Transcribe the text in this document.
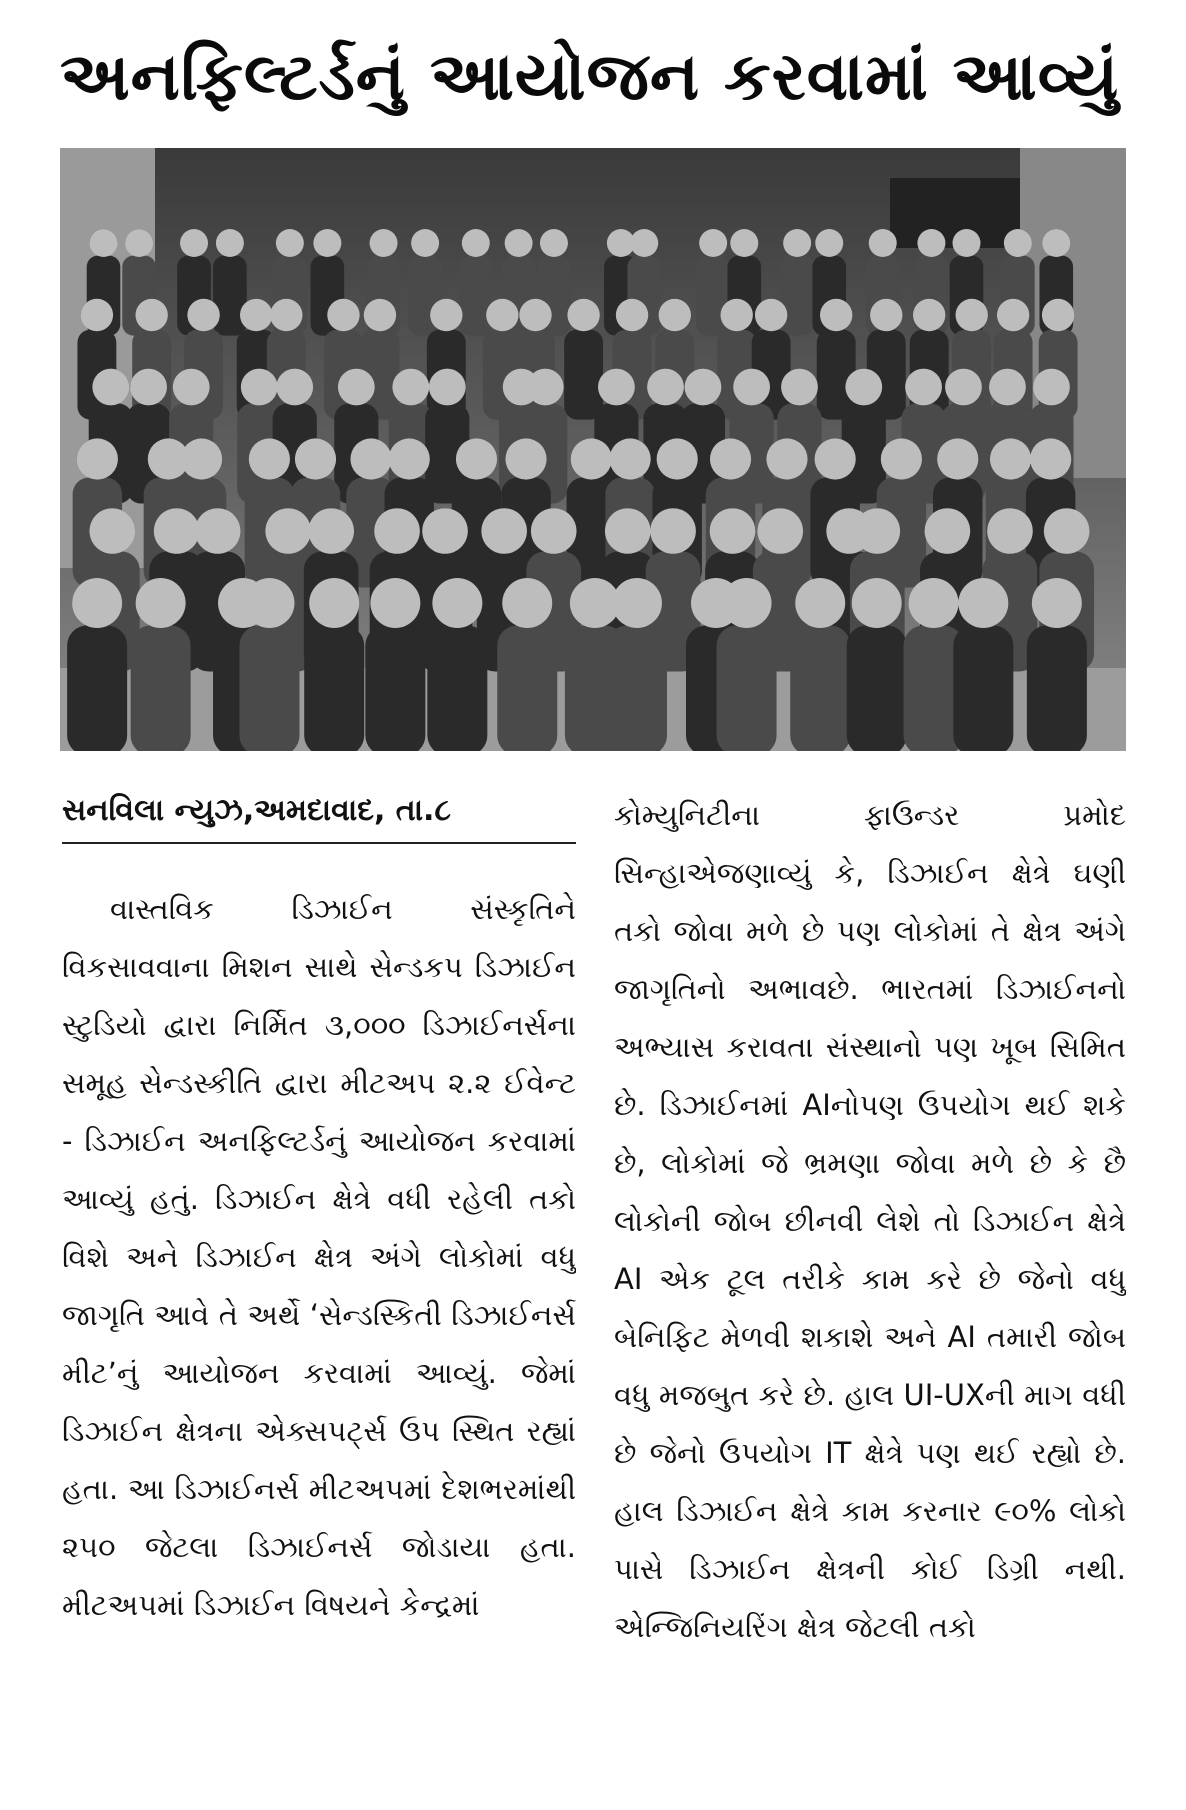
અનફિલ્ટર્ડનું આયોજન કરવામાં આવ્યું
સનવિલા ન્યુઝ,અમદાવાદ, તા.૮
વાસ્તવિક ડિઝાઈન સંસ્કૃતિને વિકસાવવાના મિશન સાથે સેન્ડકપ ડિઝાઈન સ્ટુડિયો દ્વારા નિર્મિત ૩,૦૦૦ ડિઝાઈનર્સના સમૂહ સેન્ડસ્કીતિ દ્વારા મીટઅપ ૨.૨ ઈવેન્ટ - ડિઝાઈન અનફિલ્ટર્ડનું આયોજન કરવામાં આવ્યું હતું. ડિઝાઈન ક્ષેત્રે વધી રહેલી તકો વિશે અને ડિઝાઈન ક્ષેત્ર અંગે લોકોમાં વધુ જાગૃતિ આવે તે અર્થે ‘સેન્ડસ્કિતી ડિઝાઈનર્સ મીટ’નું આયોજન કરવામાં આવ્યું. જેમાં ડિઝાઈન ક્ષેત્રના એક્સપર્ટ્સ ઉપ સ્થિત રહ્યાં હતા. આ ડિઝાઈનર્સ મીટઅપમાં દેશભરમાંથી ૨૫૦ જેટલા ડિઝાઈનર્સ જોડાયા હતા. મીટઅપમાં ડિઝાઈન વિષયને કેન્દ્રમાં
કોમ્યુનિટીના ફાઉન્ડર પ્રમોદ સિન્હાએજણાવ્યું કે, ડિઝાઈન ક્ષેત્રે ઘણી તકો જોવા મળે છે પણ લોકોમાં તે ક્ષેત્ર અંગે જાગૃતિનો અભાવછે. ભારતમાં ડિઝાઈનનો અભ્યાસ કરાવતા સંસ્થાનો પણ ખૂબ સિમિત છે. ડિઝાઈનમાં AIનોપણ ઉપયોગ થઈ શકે છે, લોકોમાં જે ભ્રમણા જોવા મળે છે કે છૈ લોકોની જોબ છીનવી લેશે તો ડિઝાઈન ક્ષેત્રે AI એક ટૂલ તરીકે કામ કરે છે જેનો વધુ બેનિફિટ મેળવી શકાશે અને AI તમારી જોબ વધુ મજબુત કરે છે. હાલ UI-UXની માગ વધી છે જેનો ઉપયોગ IT ક્ષેત્રે પણ થઈ રહ્યો છે. હાલ ડિઝાઈન ક્ષેત્રે કામ કરનાર ૯૦% લોકો પાસે ડિઝાઈન ક્ષેત્રની કોઈ ડિગ્રી નથી. એન્જિનિયરિંગ ક્ષેત્ર જેટલી તકો
